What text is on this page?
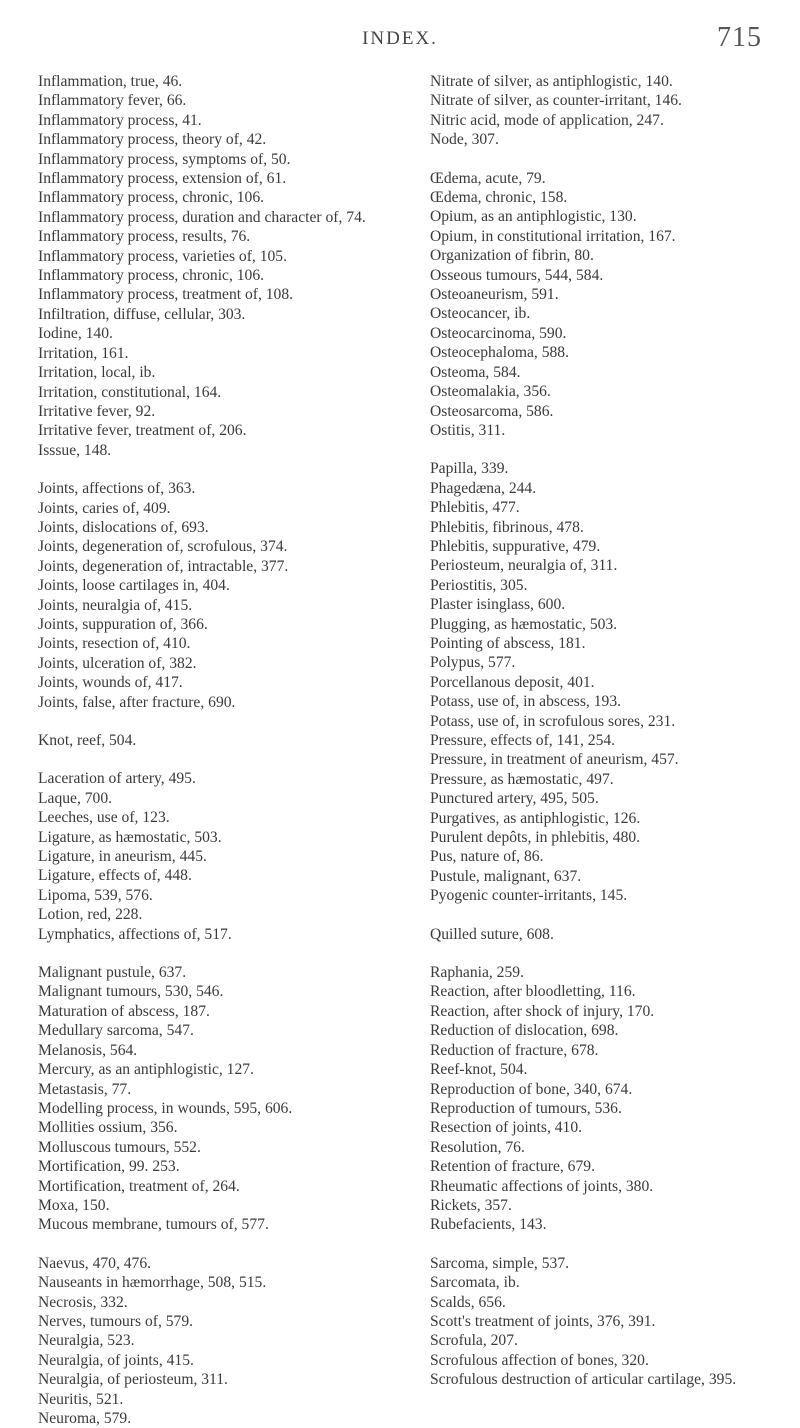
INDEX.	715
Inflammation, true, 46.
Inflammatory fever, 66.
Inflammatory process, 41.
Inflammatory process, theory of, 42.
Inflammatory process, symptoms of, 50.
Inflammatory process, extension of, 61.
Inflammatory process, chronic, 106.
Inflammatory process, duration and character of, 74.
Inflammatory process, results, 76.
Inflammatory process, varieties of, 105.
Inflammatory process, chronic, 106.
Inflammatory process, treatment of, 108.
Infiltration, diffuse, cellular, 303.
Iodine, 140.
Irritation, 161.
Irritation, local, ib.
Irritation, constitutional, 164.
Irritative fever, 92.
Irritative fever, treatment of, 206.
Isssue, 148.
Joints, affections of, 363.
Joints, caries of, 409.
Joints, dislocations of, 693.
Joints, degeneration of, scrofulous, 374.
Joints, degeneration of, intractable, 377.
Joints, loose cartilages in, 404.
Joints, neuralgia of, 415.
Joints, suppuration of, 366.
Joints, resection of, 410.
Joints, ulceration of, 382.
Joints, wounds of, 417.
Joints, false, after fracture, 690.
Knot, reef, 504.
Laceration of artery, 495.
Laque, 700.
Leeches, use of, 123.
Ligature, as hæmostatic, 503.
Ligature, in aneurism, 445.
Ligature, effects of, 448.
Lipoma, 539, 576.
Lotion, red, 228.
Lymphatics, affections of, 517.
Malignant pustule, 637.
Malignant tumours, 530, 546.
Maturation of abscess, 187.
Medullary sarcoma, 547.
Melanosis, 564.
Mercury, as an antiphlogistic, 127.
Metastasis, 77.
Modelling process, in wounds, 595, 606.
Mollities ossium, 356.
Molluscous tumours, 552.
Mortification, 99. 253.
Mortification, treatment of, 264.
Moxa, 150.
Mucous membrane, tumours of, 577.
Naevus, 470, 476.
Nauseants in hæmorrhage, 508, 515.
Necrosis, 332.
Nerves, tumours of, 579.
Neuralgia, 523.
Neuralgia, of joints, 415.
Neuralgia, of periosteum, 311.
Neuritis, 521.
Neuroma, 579.
Nitrate of silver, as antiphlogistic, 140.
Nitrate of silver, as counter-irritant, 146.
Nitric acid, mode of application, 247.
Node, 307.
Œdema, acute, 79.
Œdema, chronic, 158.
Opium, as an antiphlogistic, 130.
Opium, in constitutional irritation, 167.
Organization of fibrin, 80.
Osseous tumours, 544, 584.
Osteoaneurism, 591.
Osteocancer, ib.
Osteocarcinoma, 590.
Osteocephaloma, 588.
Osteoma, 584.
Osteomalakia, 356.
Osteosarcoma, 586.
Ostitis, 311.
Papilla, 339.
Phagedæna, 244.
Phlebitis, 477.
Phlebitis, fibrinous, 478.
Phlebitis, suppurative, 479.
Periosteum, neuralgia of, 311.
Periostitis, 305.
Plaster isinglass, 600.
Plugging, as hæmostatic, 503.
Pointing of abscess, 181.
Polypus, 577.
Porcellanous deposit, 401.
Potass, use of, in abscess, 193.
Potass, use of, in scrofulous sores, 231.
Pressure, effects of, 141, 254.
Pressure, in treatment of aneurism, 457.
Pressure, as hæmostatic, 497.
Punctured artery, 495, 505.
Purgatives, as antiphlogistic, 126.
Purulent depôts, in phlebitis, 480.
Pus, nature of, 86.
Pustule, malignant, 637.
Pyogenic counter-irritants, 145.
Quilled suture, 608.
Raphania, 259.
Reaction, after bloodletting, 116.
Reaction, after shock of injury, 170.
Reduction of dislocation, 698.
Reduction of fracture, 678.
Reef-knot, 504.
Reproduction of bone, 340, 674.
Reproduction of tumours, 536.
Resection of joints, 410.
Resolution, 76.
Retention of fracture, 679.
Rheumatic affections of joints, 380.
Rickets, 357.
Rubefacients, 143.
Sarcoma, simple, 537.
Sarcomata, ib.
Scalds, 656.
Scott's treatment of joints, 376, 391.
Scrofula, 207.
Scrofulous affection of bones, 320.
Scrofulous destruction of articular cartilage, 395.
